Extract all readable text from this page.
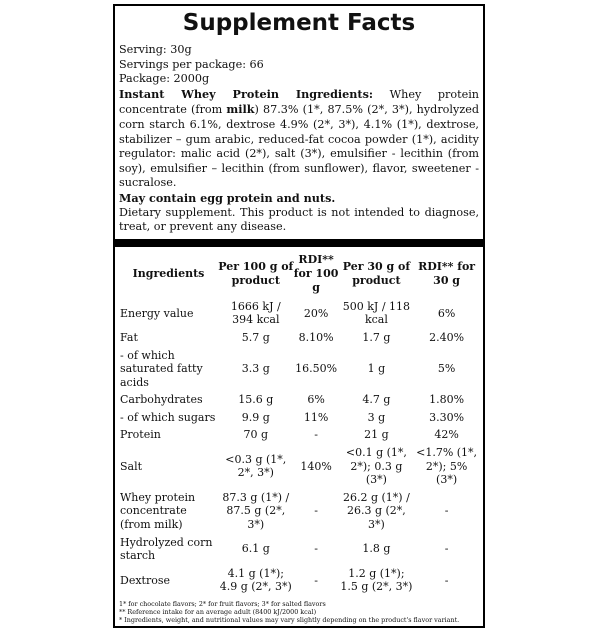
Supplement Facts
Serving: 30g
Servings per package: 66
Package: 2000g
Instant Whey Protein Ingredients: Whey protein concentrate (from milk) 87.3% (1*, 87.5% (2*, 3*), hydrolyzed corn starch 6.1%, dextrose 4.9% (2*, 3*), 4.1% (1*), dextrose, stabilizer – gum arabic, reduced-fat cocoa powder (1*), acidity regulator: malic acid (2*), salt (3*), emulsifier - lecithin (from soy), emulsifier – lecithin (from sunflower), flavor, sweetener - sucralose.
May contain egg protein and nuts.
Dietary supplement. This product is not intended to diagnose, treat, or prevent any disease.
Ingredients	Per 100 g of product	RDI** for 100 g	Per 30 g of product	RDI** for 30 g
Energy value	1666 kJ / 394 kcal	20%	500 kJ / 118 kcal	6%
Fat	5.7 g	8.10%	1.7 g	2.40%
- of which saturated fatty acids	3.3 g	16.50%	1 g	5%
Carbohydrates	15.6 g	6%	4.7 g	1.80%
- of which sugars	9.9 g	11%	3 g	3.30%
Protein	70 g	-	21 g	42%
Salt	<0.3 g (1*, 2*, 3*)	140%	<0.1 g (1*, 2*); 0.3 g (3*)	<1.7% (1*, 2*); 5% (3*)
Whey protein concentrate (from milk)	87.3 g (1*) / 87.5 g (2*, 3*)	-	26.2 g (1*) / 26.3 g (2*, 3*)	-
Hydrolyzed corn starch	6.1 g	-	1.8 g	-
Dextrose	4.1 g (1*); 4.9 g (2*, 3*)	-	1.2 g (1*); 1.5 g (2*, 3*)	-
1* for chocolate flavors; 2* for fruit flavors; 3* for salted flavors
** Reference intake for an average adult (8400 kJ/2000 kcal)
* Ingredients, weight, and nutritional values may vary slightly depending on the product's flavor variant.
